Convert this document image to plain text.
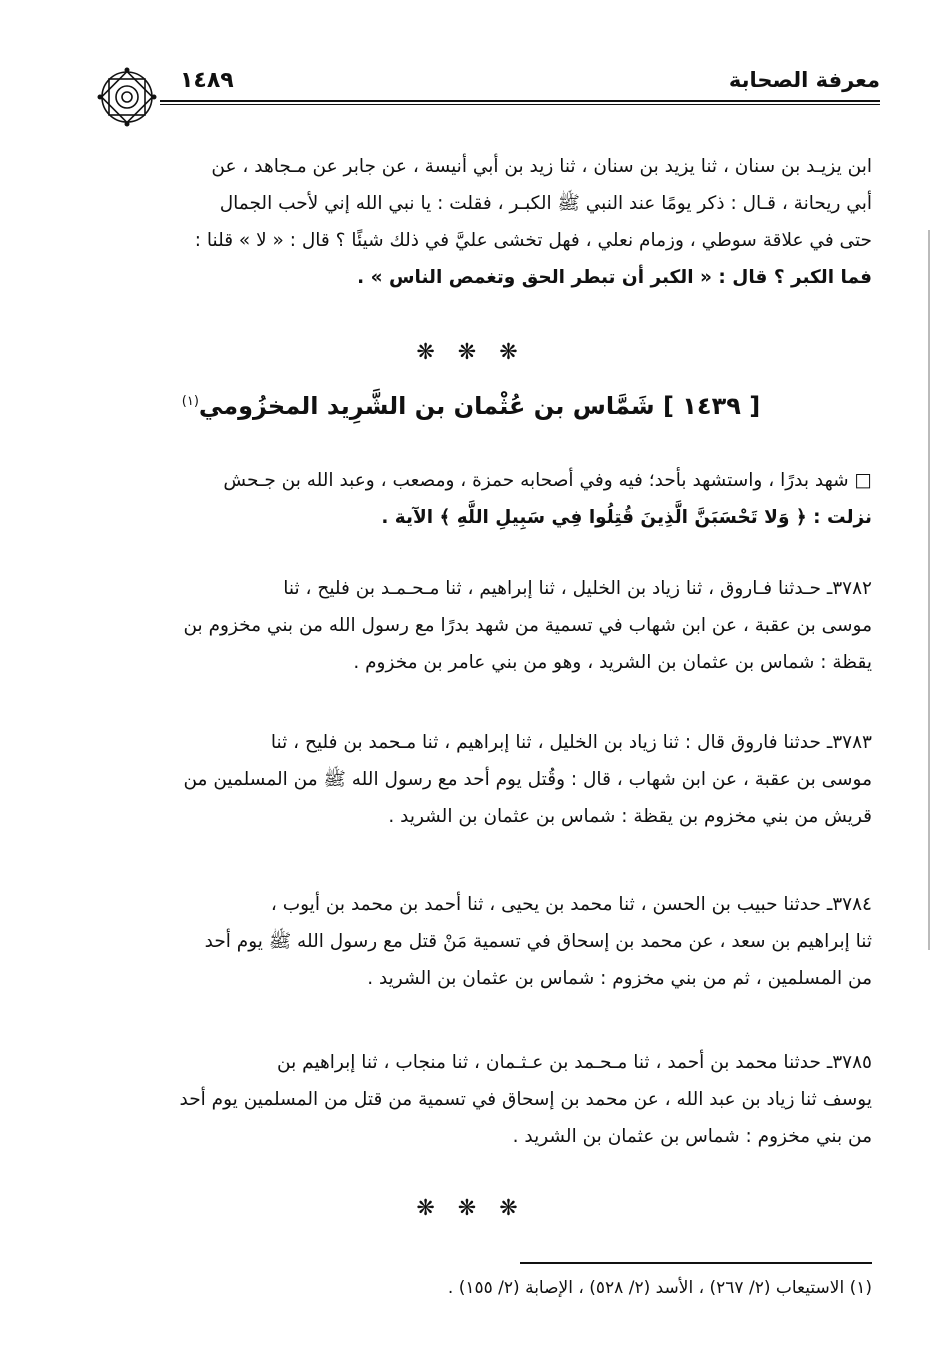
معرفة الصحابة
١٤٨٩
ابن يزيـد بن سنان ، ثنا يزيد بن سنان ، ثنا زيد بن أبي أنيسة ، عن جابر عن مـجاهد ، عن
أبي ريحانة ، قـال : ذكر يومًا عند النبي ﷺ الكبـر ، فقلت : يا نبي الله إني لأحب الجمال
حتى في علاقة سوطي ، وزمام نعلي ، فهل تخشى عليَّ في ذلك شيئًا ؟ قال : « لا » قلنا :
فما الكبر ؟ قال : « الكبر أن تبطر الحق وتغمص الناس » .
❋ ❋ ❋
[ ١٤٣٩ ] شَمَّاس بن عُثْمان بن الشَّرِيد المخزُومي$^{(١)}$
□ شهد بدرًا ، واستشهد بأحد؛ فيه وفي أصحابه حمزة ، ومصعب ، وعبد الله بن جـحش
نزلت : ﴿ وَلا تَحْسَبَنَّ الَّذِينَ قُتِلُوا فِي سَبِيلِ اللَّهِ ﴾ الآية .
٣٧٨٢ـ حـدثنا فـاروق ، ثنا زياد بن الخليل ، ثنا إبراهيم ، ثنا مـحـمـد بن فليح ، ثنا
موسى بن عقبة ، عن ابن شهاب في تسمية من شهد بدرًا مع رسول الله من بني مخزوم بن
يقظة : شماس بن عثمان بن الشريد ، وهو من بني عامر بن مخزوم .
٣٧٨٣ـ حدثنا فاروق قال : ثنا زياد بن الخليل ، ثنا إبراهيم ، ثنا مـحمد بن فليح ، ثنا
موسى بن عقبة ، عن ابن شهاب ، قال : وقُتل يوم أحد مع رسول الله ﷺ من المسلمين من
قريش من بني مخزوم بن يقظة : شماس بن عثمان بن الشريد .
٣٧٨٤ـ حدثنا حبيب بن الحسن ، ثنا محمد بن يحيى ، ثنا أحمد بن محمد بن أيوب ،
ثنا إبراهيم بن سعد ، عن محمد بن إسحاق في تسمية مَنْ قتل مع رسول الله ﷺ يوم أحد
من المسلمين ، ثم من بني مخزوم : شماس بن عثمان بن الشريد .
٣٧٨٥ـ حدثنا محمد بن أحمد ، ثنا مـحـمد بن عـثـمان ، ثنا منجاب ، ثنا إبراهيم بن
يوسف ثنا زياد بن عبد الله ، عن محمد بن إسحاق في تسمية من قتل من المسلمين يوم أحد
من بني مخزوم : شماس بن عثمان بن الشريد .
❋ ❋ ❋
(١) الاستيعاب (٢/ ٢٦٧) ، الأسد (٢/ ٥٢٨) ، الإصابة (٢/ ١٥٥) .
